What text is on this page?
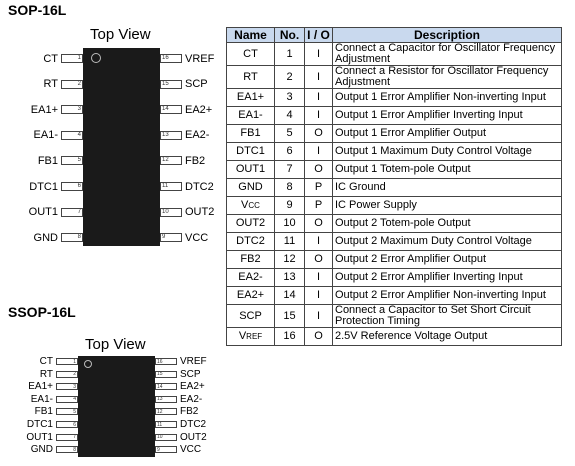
SOP-16L
Top View
1
CT
2
RT
3
EA1+
4
EA1-
5
FB1
6
DTC1
7
OUT1
8
GND
16	VREF
15	SCP
14	EA2+
13	EA2-
12	FB2
11	DTC2
10	OUT2
9	VCC
SSOP-16L
Top View
1
CT
2
RT
3
EA1+
4
EA1-
5
FB1
6
DTC1
7
OUT1
8
GND
16	VREF
15	SCP
14	EA2+
13	EA2-
12	FB2
11	DTC2
10	OUT2
9	VCC
Name	No.	I / O	Description
CT	1	I	Connect a Capacitor for Oscillator Frequency Adjustment
RT	2	I	Connect a Resistor for Oscillator Frequency Adjustment
EA1+	3	I	Output 1 Error Amplifier Non-inverting Input
EA1-	4	I	Output 1 Error Amplifier Inverting Input
FB1	5	O	Output 1 Error Amplifier Output
DTC1	6	I	Output 1 Maximum Duty Control Voltage
OUT1	7	O	Output 1 Totem-pole Output
GND	8	P	IC Ground
VCC	9	P	IC Power Supply
OUT2	10	O	Output 2 Totem-pole Output
DTC2	11	I	Output 2 Maximum Duty Control Voltage
FB2	12	O	Output 2 Error Amplifier Output
EA2-	13	I	Output 2 Error Amplifier Inverting Input
EA2+	14	I	Output 2 Error Amplifier Non-inverting Input
SCP	15	I	Connect a Capacitor to Set Short Circuit Protection Timing
VREF	16	O	2.5V Reference Voltage Output
